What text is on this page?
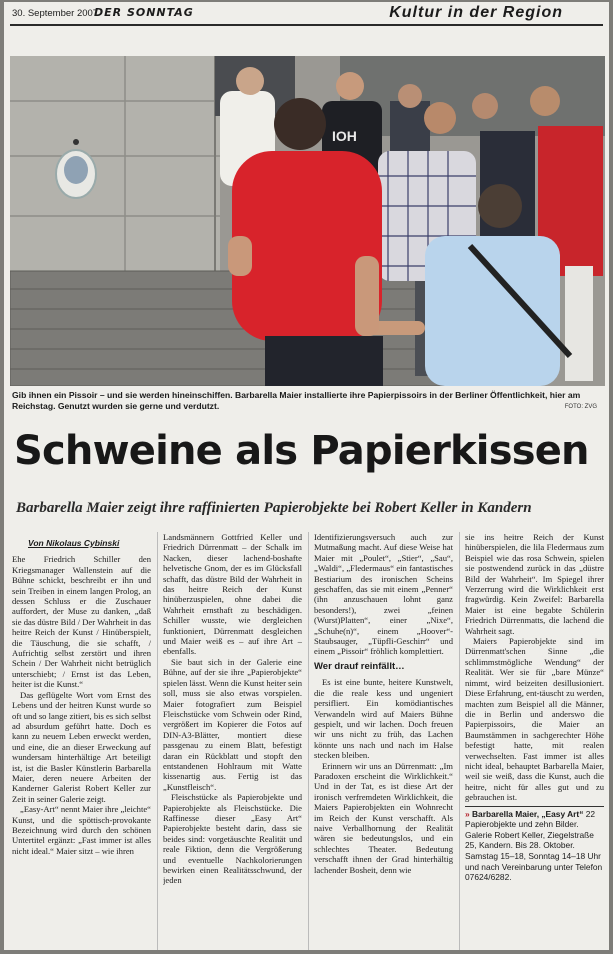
30. September 2007
DER SONNTAG	Kultur in der Region
IOH
Gib ihnen ein Pissoir – und sie werden hineinschiffen. Barbarella Maier installierte ihre Papierpissoirs in der Berliner Öffentlichkeit, hier am Reichstag. Genutzt wurden sie gerne und verdutzt.	FOTO: ZVG
Schweine als Papierkissen
Barbarella Maier zeigt ihre raffinierten Papierobjekte bei Robert Keller in Kandern
Von Nikolaus Cybinski

Ehe Friedrich Schiller den Kriegsmanager Wallenstein auf die Bühne schickt, beschreibt er ihn und sein Treiben in einem langen Prolog, an dessen Schluss er die Zuschauer auffordert, der Muse zu danken, „daß sie das düstre Bild / Der Wahrheit in das heitre Reich der Kunst / Hinüberspielt, die Täuschung, die sie schafft, / Aufrichtig selbst zerstört und ihren Schein / Der Wahrheit nicht betrüglich unterschiebt; / Ernst ist das Leben, heiter ist die Kunst.“

Das geflügelte Wort vom Ernst des Lebens und der heitren Kunst wurde so oft und so lange zitiert, bis es sich selbst ad absurdum geführt hatte. Doch es kann zu neuem Leben erweckt werden, und eine, die an dieser Erweckung auf wundersam hinterhältige Art beteiligt ist, ist die Basler Künstlerin Barbarella Maier, deren neuere Arbeiten der Kanderner Galerist Robert Keller zur Zeit in seiner Galerie zeigt.

„Easy-Art“ nennt Maier ihre „leichte“ Kunst, und die spöttisch-provokante Bezeichnung wird durch den schönen Untertitel ergänzt: „Fast immer ist alles nicht ideal.“ Maier sitzt – wie ihren

Landsmännern Gottfried Keller und Friedrich Dürrenmatt – der Schalk im Nacken, dieser lachend-boshafte helvetische Gnom, der es im Glücksfall schafft, das düstre Bild der Wahrheit in das heitre Reich der Kunst hinüberzuspielen, ohne dabei die Wahrheit ernsthaft zu beschädigen. Schiller wusste, wie dergleichen funktioniert, Dürrenmatt desgleichen und Maier weiß es – auf ihre Art – ebenfalls.

Sie baut sich in der Galerie eine Bühne, auf der sie ihre „Papierobjekte“ spielen lässt. Wenn die Kunst heiter sein soll, muss sie also etwas vorspielen. Maier fotografiert zum Beispiel Fleischstücke vom Schwein oder Rind, vergrößert im Kopierer die Fotos auf DIN-A3-Blätter, montiert diese passgenau zu einem Blatt, befestigt daran ein Rückblatt und stopft den entstandenen Hohlraum mit Watte kissenartig aus. Fertig ist das „Kunstfleisch“.

Fleischstücke als Papierobjekte und Papierobjekte als Fleischstücke. Die Raffinesse dieser „Easy Art“ Papierobjekte besteht darin, dass sie beides sind: vorgetäuschte Realität und reale Fiktion, denn die Vergrößerung und eventuelle Nachkolorierungen bewirken einen Realitätsschwund, der jeden

Identifizierungsversuch auch zur Mutmaßung macht. Auf diese Weise hat Maier mit „Poulet“, „Stier“, „Sau“, „Waldi“, „Fledermaus“ ein fantastisches Bestiarium des ironischen Scheins geschaffen, das sie mit einem „Penner“ (ihn anzuschauen lohnt ganz besonders!), zwei „feinen (Wurst)Platten“, einer „Nixe“, „Schuhe(n)“, einem „Hoover“-Staubsauger, „Tüpfli-Geschirr“ und einem „Pissoir“ fröhlich komplettiert.

Wer drauf reinfällt…

Es ist eine bunte, heitere Kunstwelt, die die reale kess und ungeniert persifliert. Ein komödiantisches Verwandeln wird auf Maiers Bühne gespielt, und wir lachen. Doch freuen wir uns nicht zu früh, das Lachen könnte uns nach und nach im Halse stecken bleiben.

Erinnern wir uns an Dürrenmatt: „Im Paradoxen erscheint die Wirklichkeit.“ Und in der Tat, es ist diese Art der ironisch verfremdeten Wirklichkeit, die Maiers Papierobjekten ein Wohnrecht im Reich der Kunst verschafft. Als naive Verballhornung der Realität wären sie bedeutungslos, und ein schlechtes Theater. Bedeutung verschafft ihnen der Grad hinterhältig lachender Bosheit, denn wie

sie ins heitre Reich der Kunst hinüberspielen, die lila Fledermaus zum Beispiel wie das rosa Schwein, spielen sie postwendend zurück in das „düstre Bild der Wahrheit“. Im Spiegel ihrer Verzerrung wird die Wirklichkeit erst fragwürdig. Kein Zweifel: Barbarella Maier ist eine begabte Schülerin Friedrich Dürrenmatts, die lachend die Wahrheit sagt.

Maiers Papierobjekte sind im Dürrenmatt'schen Sinne „die schlimmstmögliche Wendung“ der Realität. Wer sie für „bare Münze“ nimmt, wird beizeiten desillusioniert. Diese Erfahrung, ent-täuscht zu werden, machten zum Beispiel all die Männer, die in Berlin und anderswo die Papierpissoirs, die Maier an Baumstämmen in sachgerechter Höhe befestigt hatte, mit realen verwechselten. Fast immer ist alles nicht ideal, behauptet Barbarella Maier, weil sie weiß, dass die Kunst, auch die heitre, nicht für alles gut und zu gebrauchen ist.

» Barbarella Maier, „Easy Art“ 22 Papierobjekte und zehn Bilder. Galerie Robert Keller, Ziegelstraße 25, Kandern. Bis 28. Oktober. Samstag 15–18, Sonntag 14–18 Uhr und nach Vereinbarung unter Telefon 07624/6282.
